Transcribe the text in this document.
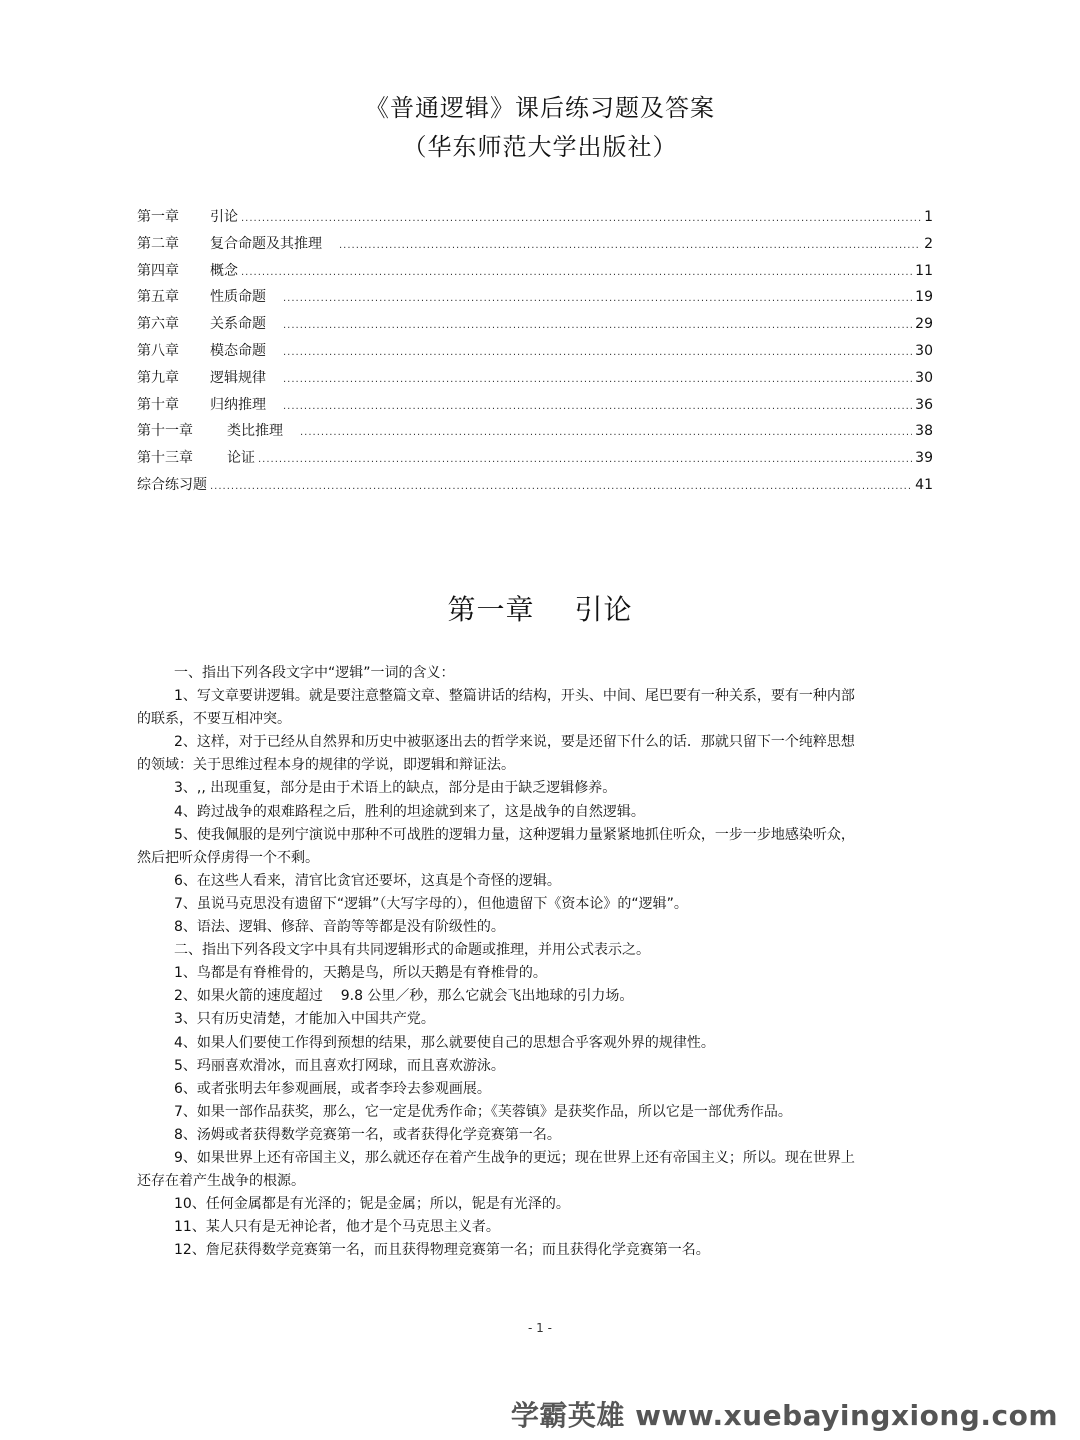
《普通逻辑》课后练习题及答案
（华东师范大学出版社）
第一章	引论 .....	1
第二章	复合命题及其推理 .....	2
第四章	概念 .....	11
第五章	性质命题 .....	19
第六章	关系命题 .....	29
第八章	模态命题 .....	30
第九章	逻辑规律 .....	30
第十章	归纳推理 .....	36
第十一章	类比推理 .....	38
第十三章	论证 .....	39
综合练习题 .....	41
第一章 引论

一、指出下列各段文字中“逻辑”一词的含义：

1、写文章要讲逻辑。就是要注意整篇文章、整篇讲话的结构，开头、中间、尾巴要有一种关系，要有一种内部的联系，不要互相冲突。

2、这样，对于已经从自然界和历史中被驱逐出去的哲学来说，要是还留下什么的话．那就只留下一个纯粹思想的领域：关于思维过程本身的规律的学说，即逻辑和辩证法。

3、,, 出现重复，部分是由于术语上的缺点，部分是由于缺乏逻辑修养。

4、跨过战争的艰难路程之后，胜利的坦途就到来了，这是战争的自然逻辑。

5、使我佩服的是列宁演说中那种不可战胜的逻辑力量，这种逻辑力量紧紧地抓住听众，一步一步地感染听众，然后把听众俘虏得一个不剩。

6、在这些人看来，清官比贪官还要坏，这真是个奇怪的逻辑。

7、虽说马克思没有遗留下“逻辑”（大写字母的），但他遗留下《资本论》的“逻辑”。

8、语法、逻辑、修辞、音韵等等都是没有阶级性的。

二、指出下列各段文字中具有共同逻辑形式的命题或推理，并用公式表示之。

1、鸟都是有脊椎骨的，天鹅是鸟，所以天鹅是有脊椎骨的。

2、如果火箭的速度超过    9.8 公里／秒，那么它就会飞出地球的引力场。

3、只有历史清楚，才能加入中国共产党。

4、如果人们要使工作得到预想的结果，那么就要使自己的思想合乎客观外界的规律性。

5、玛丽喜欢滑冰，而且喜欢打网球，而且喜欢游泳。

6、或者张明去年参观画展，或者李玲去参观画展。

7、如果一部作品获奖，那么，它一定是优秀作命；《芙蓉镇》是获奖作品，所以它是一部优秀作品。

8、汤姆或者获得数学竞赛第一名，或者获得化学竞赛第一名。

9、如果世界上还有帝国主义，那么就还存在着产生战争的更远；现在世界上还有帝国主义；所以。现在世界上还存在着产生战争的根源。

10、任何金属都是有光泽的；铌是金属；所以，铌是有光泽的。

11、某人只有是无神论者，他才是个马克思主义者。

12、詹尼获得数学竞赛第一名，而且获得物理竞赛第一名；而且获得化学竞赛第一名。

- 1 -
学霸英雄 www.xuebayingxiong.com
